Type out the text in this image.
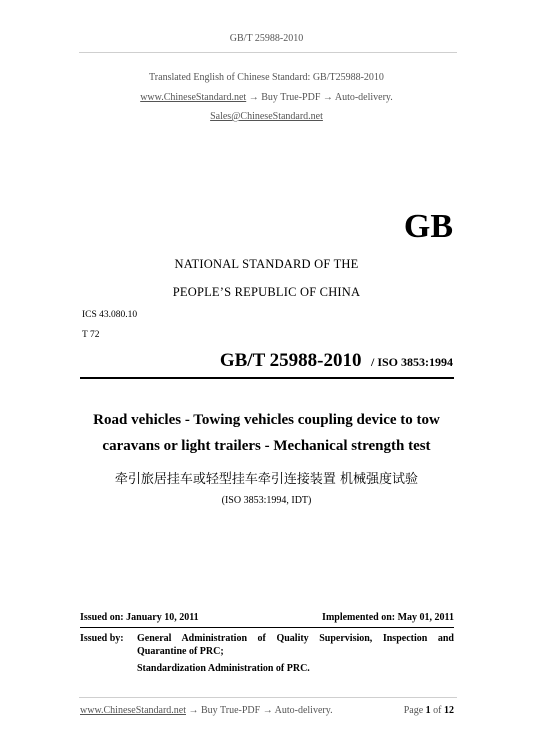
GB/T 25988-2010
Translated English of Chinese Standard: GB/T25988-2010
www.ChineseStandard.net → Buy True-PDF → Auto-delivery.
Sales@ChineseStandard.net
GB
NATIONAL STANDARD OF THE
PEOPLE’S REPUBLIC OF CHINA
ICS 43.080.10
T 72
GB/T 25988-2010 / ISO 3853:1994
Road vehicles - Towing vehicles coupling device to tow
caravans or light trailers - Mechanical strength test
牵引旅居挂车或轻型挂车牵引连接装置 机械强度试验
(ISO 3853:1994, IDT)
Issued on: January 10, 2011	Implemented on: May 01, 2011
Issued by: General Administration of Quality Supervision, Inspection and Quarantine of PRC;
Standardization Administration of PRC.
www.ChineseStandard.net → Buy True-PDF → Auto-delivery.	Page 1 of 12
